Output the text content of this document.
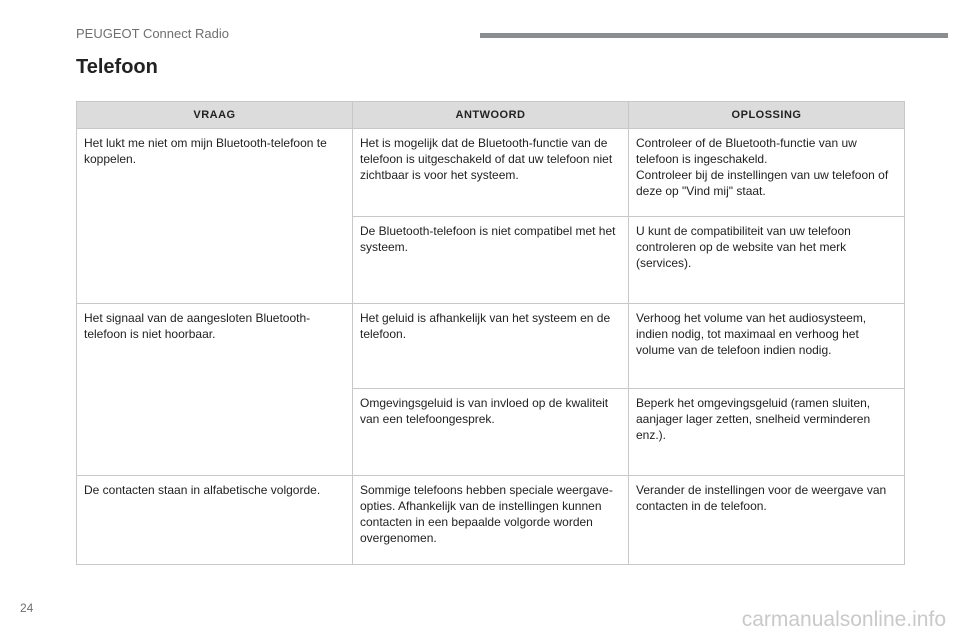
PEUGEOT Connect Radio
Telefoon
VRAAG	ANTWOORD	OPLOSSING
Het lukt me niet om mijn Bluetooth-telefoon te koppelen.	Het is mogelijk dat de Bluetooth-functie van de telefoon is uitgeschakeld of dat uw telefoon niet zichtbaar is voor het systeem.	Controleer of de Bluetooth-functie van uw telefoon is ingeschakeld.
Controleer bij de instellingen van uw telefoon of deze op "Vind mij" staat.

	De Bluetooth-telefoon is niet compatibel met het systeem.	U kunt de compatibiliteit van uw telefoon controleren op de website van het merk (services).
Het signaal van de aangesloten Bluetooth-telefoon is niet hoorbaar.	Het geluid is afhankelijk van het systeem en de telefoon.	Verhoog het volume van het audiosysteem, indien nodig, tot maximaal en verhoog het volume van de telefoon indien nodig.
	Omgevingsgeluid is van invloed op de kwaliteit van een telefoongesprek.	Beperk het omgevingsgeluid (ramen sluiten, aanjager lager zetten, snelheid verminderen enz.).
De contacten staan in alfabetische volgorde.	Sommige telefoons hebben speciale weergave-opties. Afhankelijk van de instellingen kunnen contacten in een bepaalde volgorde worden overgenomen.	Verander de instellingen voor de weergave van contacten in de telefoon.
24	carmanualsonline.info
